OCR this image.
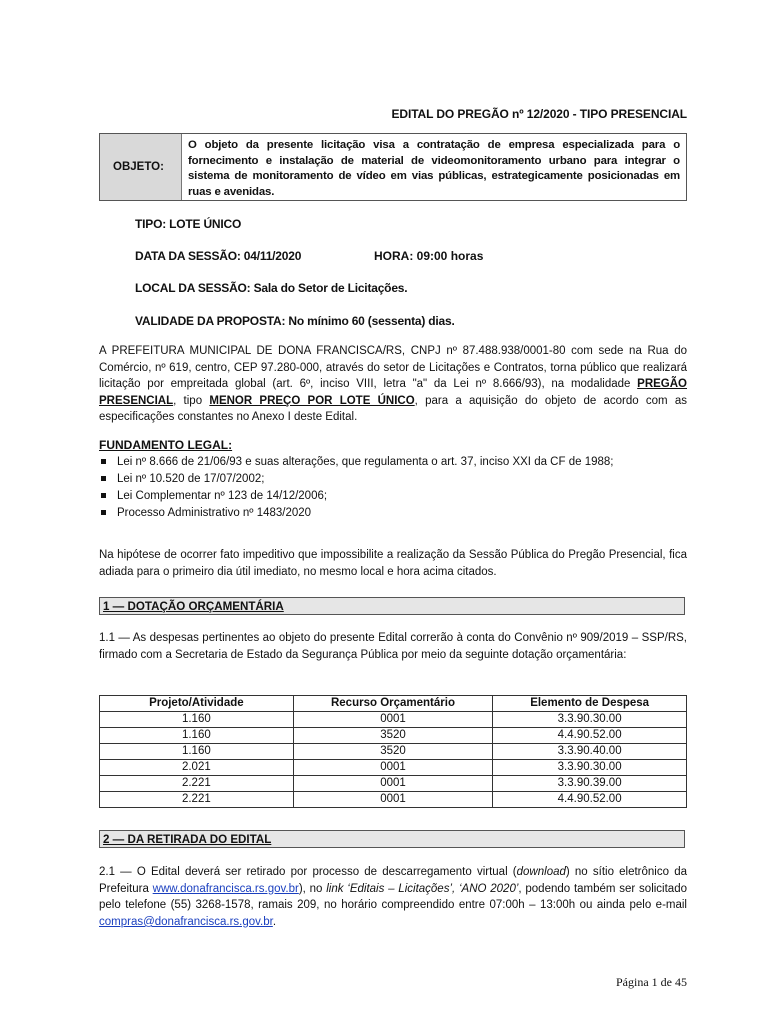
EDITAL DO PREGÃO nº 12/2020 - TIPO PRESENCIAL
OBJETO:
O objeto da presente licitação visa a contratação de empresa especializada para o fornecimento e instalação de material de videomonitoramento urbano para integrar o sistema de monitoramento de vídeo em vias públicas, estrategicamente posicionadas em ruas e avenidas.
TIPO: LOTE ÚNICO
DATA DA SESSÃO: 04/11/2020	HORA: 09:00 horas
LOCAL DA SESSÃO: Sala do Setor de Licitações.
VALIDADE DA PROPOSTA: No mínimo 60 (sessenta) dias.
A PREFEITURA MUNICIPAL DE DONA FRANCISCA/RS, CNPJ nº 87.488.938/0001-80 com sede na Rua do Comércio, nº 619, centro, CEP 97.280-000, através do setor de Licitações e Contratos, torna público que realizará licitação por empreitada global (art. 6º, inciso VIII, letra "a" da Lei nº 8.666/93), na modalidade PREGÃO PRESENCIAL, tipo MENOR PREÇO POR LOTE ÚNICO, para a aquisição do objeto de acordo com as especificações constantes no Anexo I deste Edital.
FUNDAMENTO LEGAL:
Lei nº 8.666 de 21/06/93 e suas alterações, que regulamenta o art. 37, inciso XXI da CF de 1988;
Lei nº 10.520 de 17/07/2002;
Lei Complementar nº 123 de 14/12/2006;
Processo Administrativo nº 1483/2020
Na hipótese de ocorrer fato impeditivo que impossibilite a realização da Sessão Pública do Pregão Presencial, fica adiada para o primeiro dia útil imediato, no mesmo local e hora acima citados.
1 — DOTAÇÃO ORÇAMENTÁRIA
1.1 — As despesas pertinentes ao objeto do presente Edital correrão à conta do Convênio nº 909/2019 – SSP/RS, firmado com a Secretaria de Estado da Segurança Pública por meio da seguinte dotação orçamentária:
Projeto/Atividade	Recurso Orçamentário	Elemento de Despesa
1.160	0001	3.3.90.30.00
1.160	3520	4.4.90.52.00
1.160	3520	3.3.90.40.00
2.021	0001	3.3.90.30.00
2.221	0001	3.3.90.39.00
2.221	0001	4.4.90.52.00
2 ― DA RETIRADA DO EDITAL
2.1 — O Edital deverá ser retirado por processo de descarregamento virtual (download) no sítio eletrônico da Prefeitura www.donafrancisca.rs.gov.br), no link ‘Editais – Licitações’, ‘ANO 2020’, podendo também ser solicitado pelo telefone (55) 3268-1578, ramais 209, no horário compreendido entre 07:00h – 13:00h ou ainda pelo e-mail compras@donafrancisca.rs.gov.br.
Página 1 de 45
